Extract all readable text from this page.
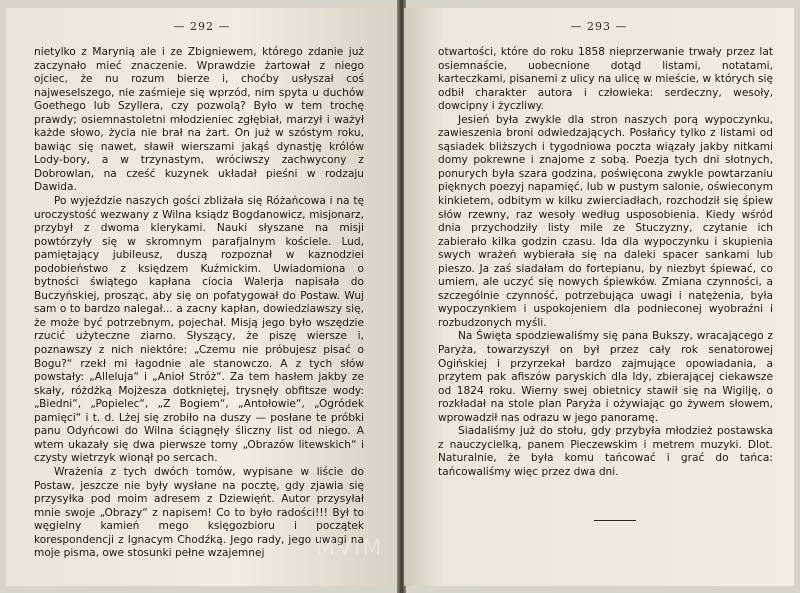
— 292 —

nietylko z Marynią ale i ze Zbigniewem, którego zdanie już zaczynało mieć znaczenie. Wprawdzie żartował z niego ojciec, że nu rozum bierze i, choćby usłyszał coś najweselszego, nie zaśmieje się wprzód, nim spyta u duchów Goethego lub Szyllera, czy pozwolą? Było w tem trochę prawdy; osiemnastoletni młodzieniec zgłębiał, marzył i ważył każde słowo, życia nie brał na żart. On już w szóstym roku, bawiąc się nawet, sławił wierszami jakąś dynastję królów Lody-bory, a w trzynastym, wróciwszy zachwycony z Dobrowlan, na cześć kuzynek układał pieśni w rodzaju Dawida.

Po wyjeździe naszych gości zbliżała się Różańcowa i na tę uroczystość wezwany z Wilna ksiądz Bogdanowicz, misjonarz, przybył z dwoma klerykami. Nauki słyszane na misji powtórzyły się w skromnym parafjalnym kościele. Lud, pamiętający jubileusz, duszą rozpoznał w kaznodziei podobieństwo z księdzem Kuźmickim. Uwiadomiona o bytności świątego kapłana ciocia Walerja napisała do Buczyńskiej, prosząc, aby się on pofatygował do Postaw. Wuj sam o to bardzo nalegał... a zacny kapłan, dowiedziawszy się, że może być potrzebnym, pojechał. Misją jego było wszędzie rzucić użyteczne ziarno. Słyszący, że piszę wiersze i, poznawszy z nich niektóre: „Czemu nie próbujesz pisać o Bogu?“ rzekł mi łagodnie ale stanowczo. A z tych słów powstały: „Alleluja“ i „Anioł Stróż“. Za tem hasłem jakby ze skały, różdżką Mojżesza dotkniętej, trysnęły obfitsze wody: „Biedni“, „Popielec“, „Z Bogiem“, „Antołowie“, „Ogródek pamięci“ i t. d. Lżej się zrobiło na duszy — posłane te próbki panu Odyńcowi do Wilna ściągnęły śliczny list od niego. A wtem ukazały się dwa pierwsze tomy „Obrazów litewskich“ i czysty wietrzyk wionął po sercach.

Wrażenia z tych dwóch tomów, wypisane w liście do Postaw, jeszcze nie były wysłane na pocztę, gdy zjawia się przysyłka pod moim adresem z Dziewięńt. Autor przysyłał mnie swoje „Obrazy“ z napisem! Co to było radości!!! Był to węgielny kamień mego księgozbioru i początek korespondencji z Ignacym Chodźką. Jego rady, jego uwagi na moje pisma, owe stosunki pełne wzajemnej

— 293 —

otwartości, które do roku 1858 nieprzerwanie trwały przez lat osiemnaście, uobecnione dotąd listami, notatami, karteczkami, pisanemi z ulicy na ulicę w mieście, w których się odbił charakter autora i człowieka: serdeczny, wesoły, dowcipny i życzliwy.

Jesień była zwykle dla stron naszych porą wypoczynku, zawieszenia broni odwiedzających. Posłańcy tylko z listami od sąsiadek bliższych i tygodniowa poczta wiązały jakby nitkami domy pokrewne i znajome z sobą. Poezja tych dni słotnych, ponurych była szara godzina, poświęcona zwykle powtarzaniu pięknych poezyj napamięć, lub w pustym salonie, oświeconym kinkietem, odbitym w kilku zwierciadłach, rozchodził się śpiew słów rzewny, raz wesoły według usposobienia. Kiedy wśród dnia przychodziły listy mile ze Stuczyzny, czytanie ich zabierało kilka godzin czasu. Ida dla wypoczynku i skupienia swych wrażeń wybierała się na daleki spacer sankami lub pieszo. Ja zaś siadałam do fortepianu, by niezbyt śpiewać, co umiem, ale uczyć się nowych śpiewków. Zmiana czynności, a szczególnie czynność, potrzebująca uwagi i natężenia, była wypoczynkiem i uspokojeniem dla podnieconej wyobraźni i rozbudzonych myśli.

Na Święta spodziewaliśmy się pana Bukszy, wracającego z Paryża, towarzyszył on był przez cały rok senatorowej Ogińskiej i przyrzekał bardzo zajmujące opowiadania, a przytem pak afiszów paryskich dla Idy, zbierającej ciekawsze od 1824 roku. Wierny swej obietnicy stawił się na Wigilję, o rozkładał na stole plan Paryża i ożywiając go żywem słowem, wprowadził nas odrazu w jego panoramę.

Siadaliśmy już do stołu, gdy przybyła młodzież postawska z nauczycielką, panem Pieczewskim i metrem muzyki. Dlot. Naturalnie, że była komu tańcować i grać do tańca: tańcowaliśmy więc przez dwa dni.

MVIM
